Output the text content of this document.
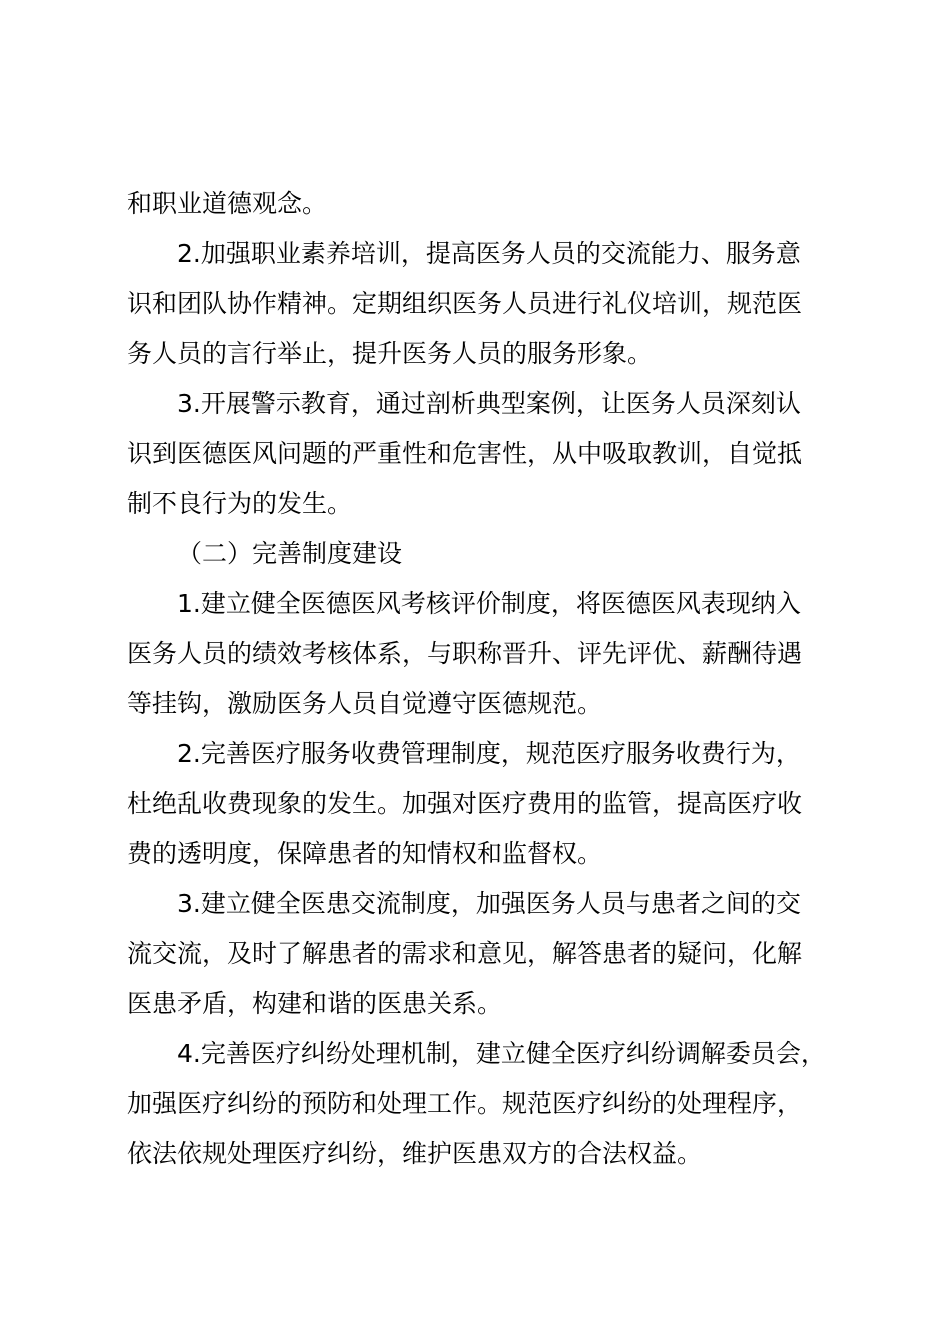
和职业道德观念。
2.加强职业素养培训，提高医务人员的交流能力、服务意
识和团队协作精神。定期组织医务人员进行礼仪培训，规范医
务人员的言行举止，提升医务人员的服务形象。
3.开展警示教育，通过剖析典型案例，让医务人员深刻认
识到医德医风问题的严重性和危害性，从中吸取教训，自觉抵
制不良行为的发生。
（二）完善制度建设
1.建立健全医德医风考核评价制度，将医德医风表现纳入
医务人员的绩效考核体系，与职称晋升、评先评优、薪酬待遇
等挂钩，激励医务人员自觉遵守医德规范。
2.完善医疗服务收费管理制度，规范医疗服务收费行为，
杜绝乱收费现象的发生。加强对医疗费用的监管，提高医疗收
费的透明度，保障患者的知情权和监督权。
3.建立健全医患交流制度，加强医务人员与患者之间的交
流交流，及时了解患者的需求和意见，解答患者的疑问，化解
医患矛盾，构建和谐的医患关系。
4.完善医疗纠纷处理机制，建立健全医疗纠纷调解委员会，
加强医疗纠纷的预防和处理工作。规范医疗纠纷的处理程序，
依法依规处理医疗纠纷，维护医患双方的合法权益。
